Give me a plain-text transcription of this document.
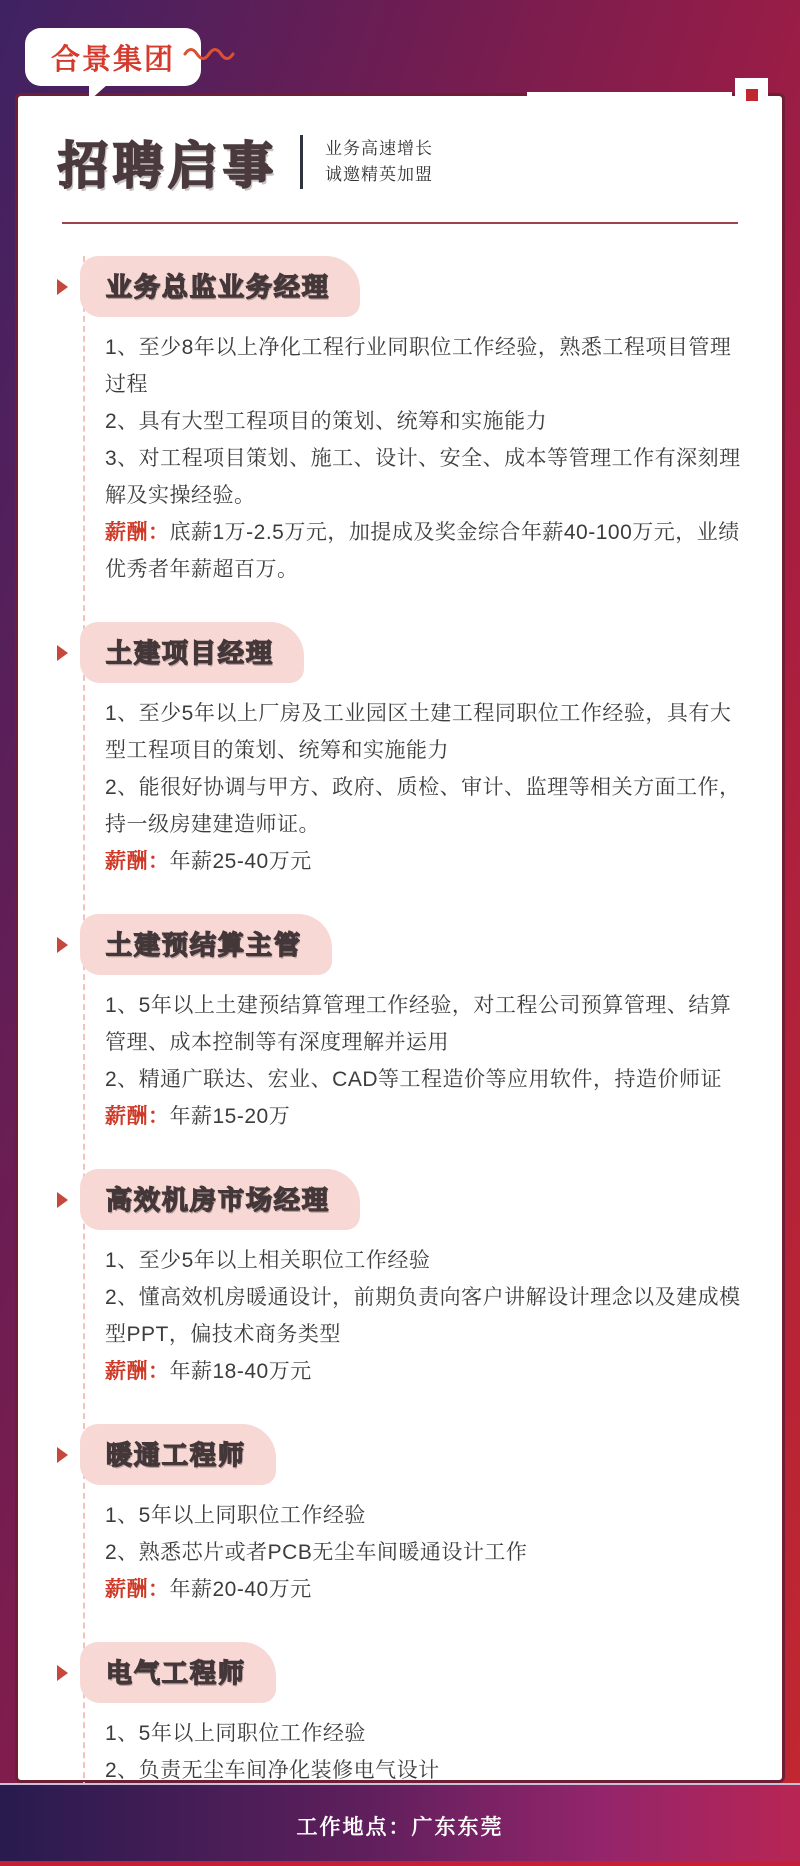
合景集团
招聘启事	业务高速增长
诚邀精英加盟
业务总监业务经理

1、至少8年以上净化工程行业同职位工作经验，熟悉工程项目管理过程

2、具有大型工程项目的策划、统筹和实施能力

3、对工程项目策划、施工、设计、安全、成本等管理工作有深刻理解及实操经验。

薪酬：底薪1万-2.5万元，加提成及奖金综合年薪40-100万元，业绩优秀者年薪超百万。

土建项目经理

1、至少5年以上厂房及工业园区土建工程同职位工作经验，具有大型工程项目的策划、统筹和实施能力

2、能很好协调与甲方、政府、质检、审计、监理等相关方面工作，持一级房建建造师证。

薪酬：年薪25-40万元

土建预结算主管

1、5年以上土建预结算管理工作经验，对工程公司预算管理、结算管理、成本控制等有深度理解并运用

2、精通广联达、宏业、CAD等工程造价等应用软件，持造价师证

薪酬：年薪15-20万

高效机房市场经理

1、至少5年以上相关职位工作经验

2、懂高效机房暖通设计，前期负责向客户讲解设计理念以及建成模型PPT，偏技术商务类型

薪酬：年薪18-40万元

暖通工程师

1、5年以上同职位工作经验

2、熟悉芯片或者PCB无尘车间暖通设计工作

薪酬：年薪20-40万元

电气工程师

1、5年以上同职位工作经验

2、负责无尘车间净化装修电气设计

工作地点：广东东莞
